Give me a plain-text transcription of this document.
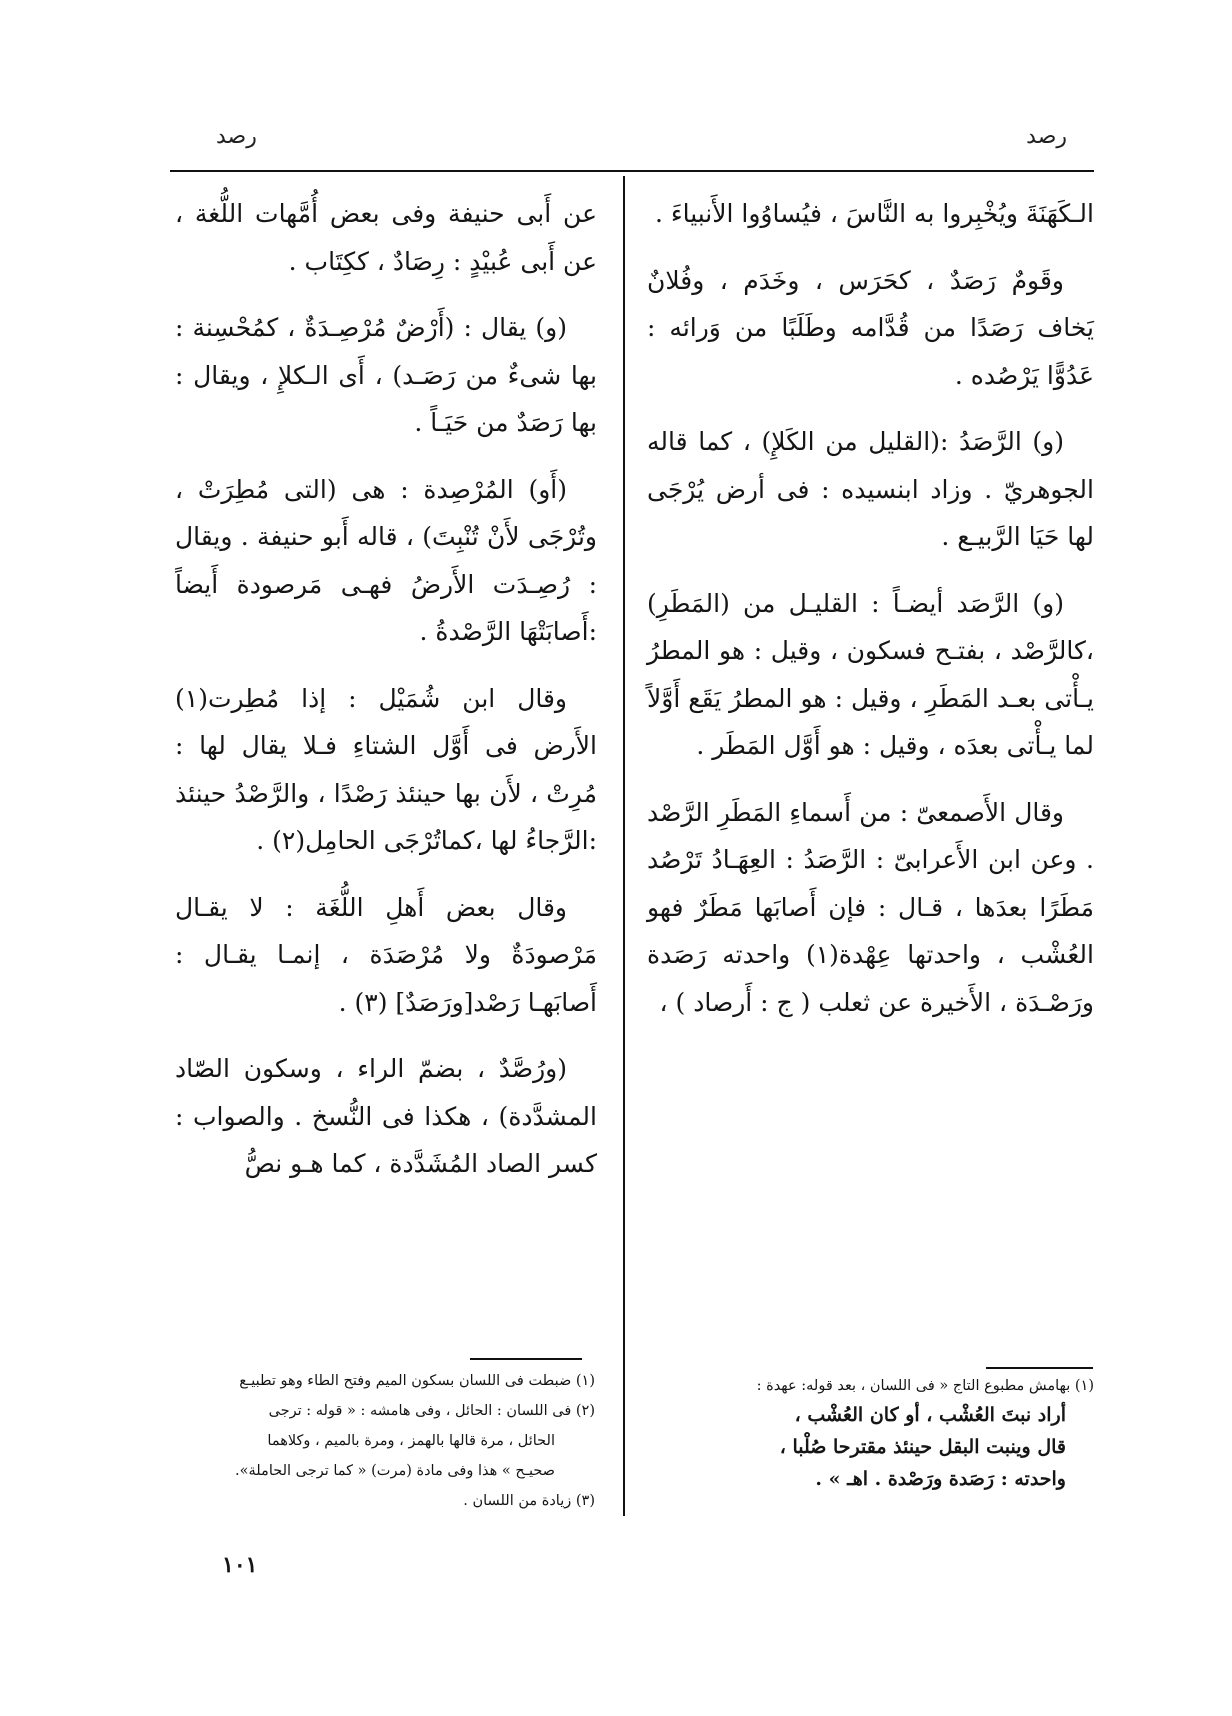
رصد
رصد

الـكَهَنَةَ ويُخْبِروا به النَّاسَ ، فيُساوُوا الأَنبياءَ .

وقَومٌ رَصَدٌ ، كحَرَس ، وخَدَم ، وفُلانٌ يَخاف رَصَدًا من قُدَّامه وطَلَبًا من وَرائه : عَدُوًّا يَرْصُده .

(و) الرَّصَدُ :(القليل من الكَلإِ) ، كما قاله الجوهريّ . وزاد ابنسيده : فى أرض يُرْجَى لها حَيَا الرَّبيـع .

(و) الرَّصَد أيضـاً : القليـل من (المَطَرِ) ،كالرَّصْد ، بفتـح فسكون ، وقيل : هو المطرُ يـأْتى بعـد المَطَرِ ، وقيل : هو المطرُ يَقَع أَوَّلاً لما يـأْتى بعدَه ، وقيل : هو أَوَّل المَطَر .

وقال الأَصمعىّ : من أَسماءِ المَطَرِ الرَّصْد . وعن ابن الأَعرابىّ : الرَّصَدُ : العِهَـادُ تَرْصُد مَطَرًا بعدَها ، قـال : فإن أَصابَها مَطَرٌ فهو العُشْب ، واحدتها عِهْدة(١) واحدته رَصَدة ورَصْـدَة ، الأَخيرة عن ثعلب ( ج : أَرصاد ) ،

عن أَبى حنيفة وفى بعض أُمَّهات اللُّغة ، عن أَبى عُبيْدٍ : رِصَادٌ ، ككِتَاب .

(و) يقال : (أَرْضٌ مُرْصِـدَةٌ ، كمُحْسِنة : بها شىءٌ من رَصَـد) ، أَى الـكلإِ ، ويقال : بها رَصَدٌ من حَيَـاً .

(أَو) المُرْصِدة : هى (التى مُطِرَتْ ، وتُرْجَى لأَنْ تُنْبِتَ) ، قاله أَبو حنيفة . ويقال : رُصِـدَت الأَرضُ فهـى مَرصودة أَيضاً :أَصابَتْهَا الرَّصْدةُ .

وقال ابن شُمَيْل : إذا مُطِرت(١) الأَرض فى أَوَّل الشتاءِ فـلا يقال لها : مُرِتْ ، لأَن بها حينئذ رَصْدًا ، والرَّصْدُ حينئذ :الرَّجاءُ لها ،كماتُرْجَى الحامِل(٢) .

وقال بعض أَهلِ اللُّغَة : لا يقـال مَرْصودَةٌ ولا مُرْصَدَة ، إنمـا يقـال : أَصابَهـا رَصْد[ورَصَدٌ] (٣) .

(ورُصَّدٌ ، بضمّ الراء ، وسكون الصّاد المشدَّدة) ، هكذا فى النُّسخ . والصواب : كسر الصاد المُشَدَّدة ، كما هـو نصُّ

(١) بهامش مطبوع التاج « فى اللسان ، بعد قوله: عهدة :

أراد نبتَ العُشْب ، أو كان العُشْب ،

قال وينبت البقل حينئذ مقترحا صُلْبا ،

واحدته : رَصَدة ورَصْدة . اهـ » .

(١) ضبطت فى اللسان بسكون الميم وفتح الطاء وهو تطبيـع

(٢) فى اللسان : الحائل ، وفى هامشه : « قوله : ترجى

الحائل ، مرة قالها بالهمز ، ومرة بالميم ، وكلاهما

صحيـح » هذا وفى مادة (مرت) « كما ترجى الحاملة».

(٣) زيادة من اللسان .

١٠١
